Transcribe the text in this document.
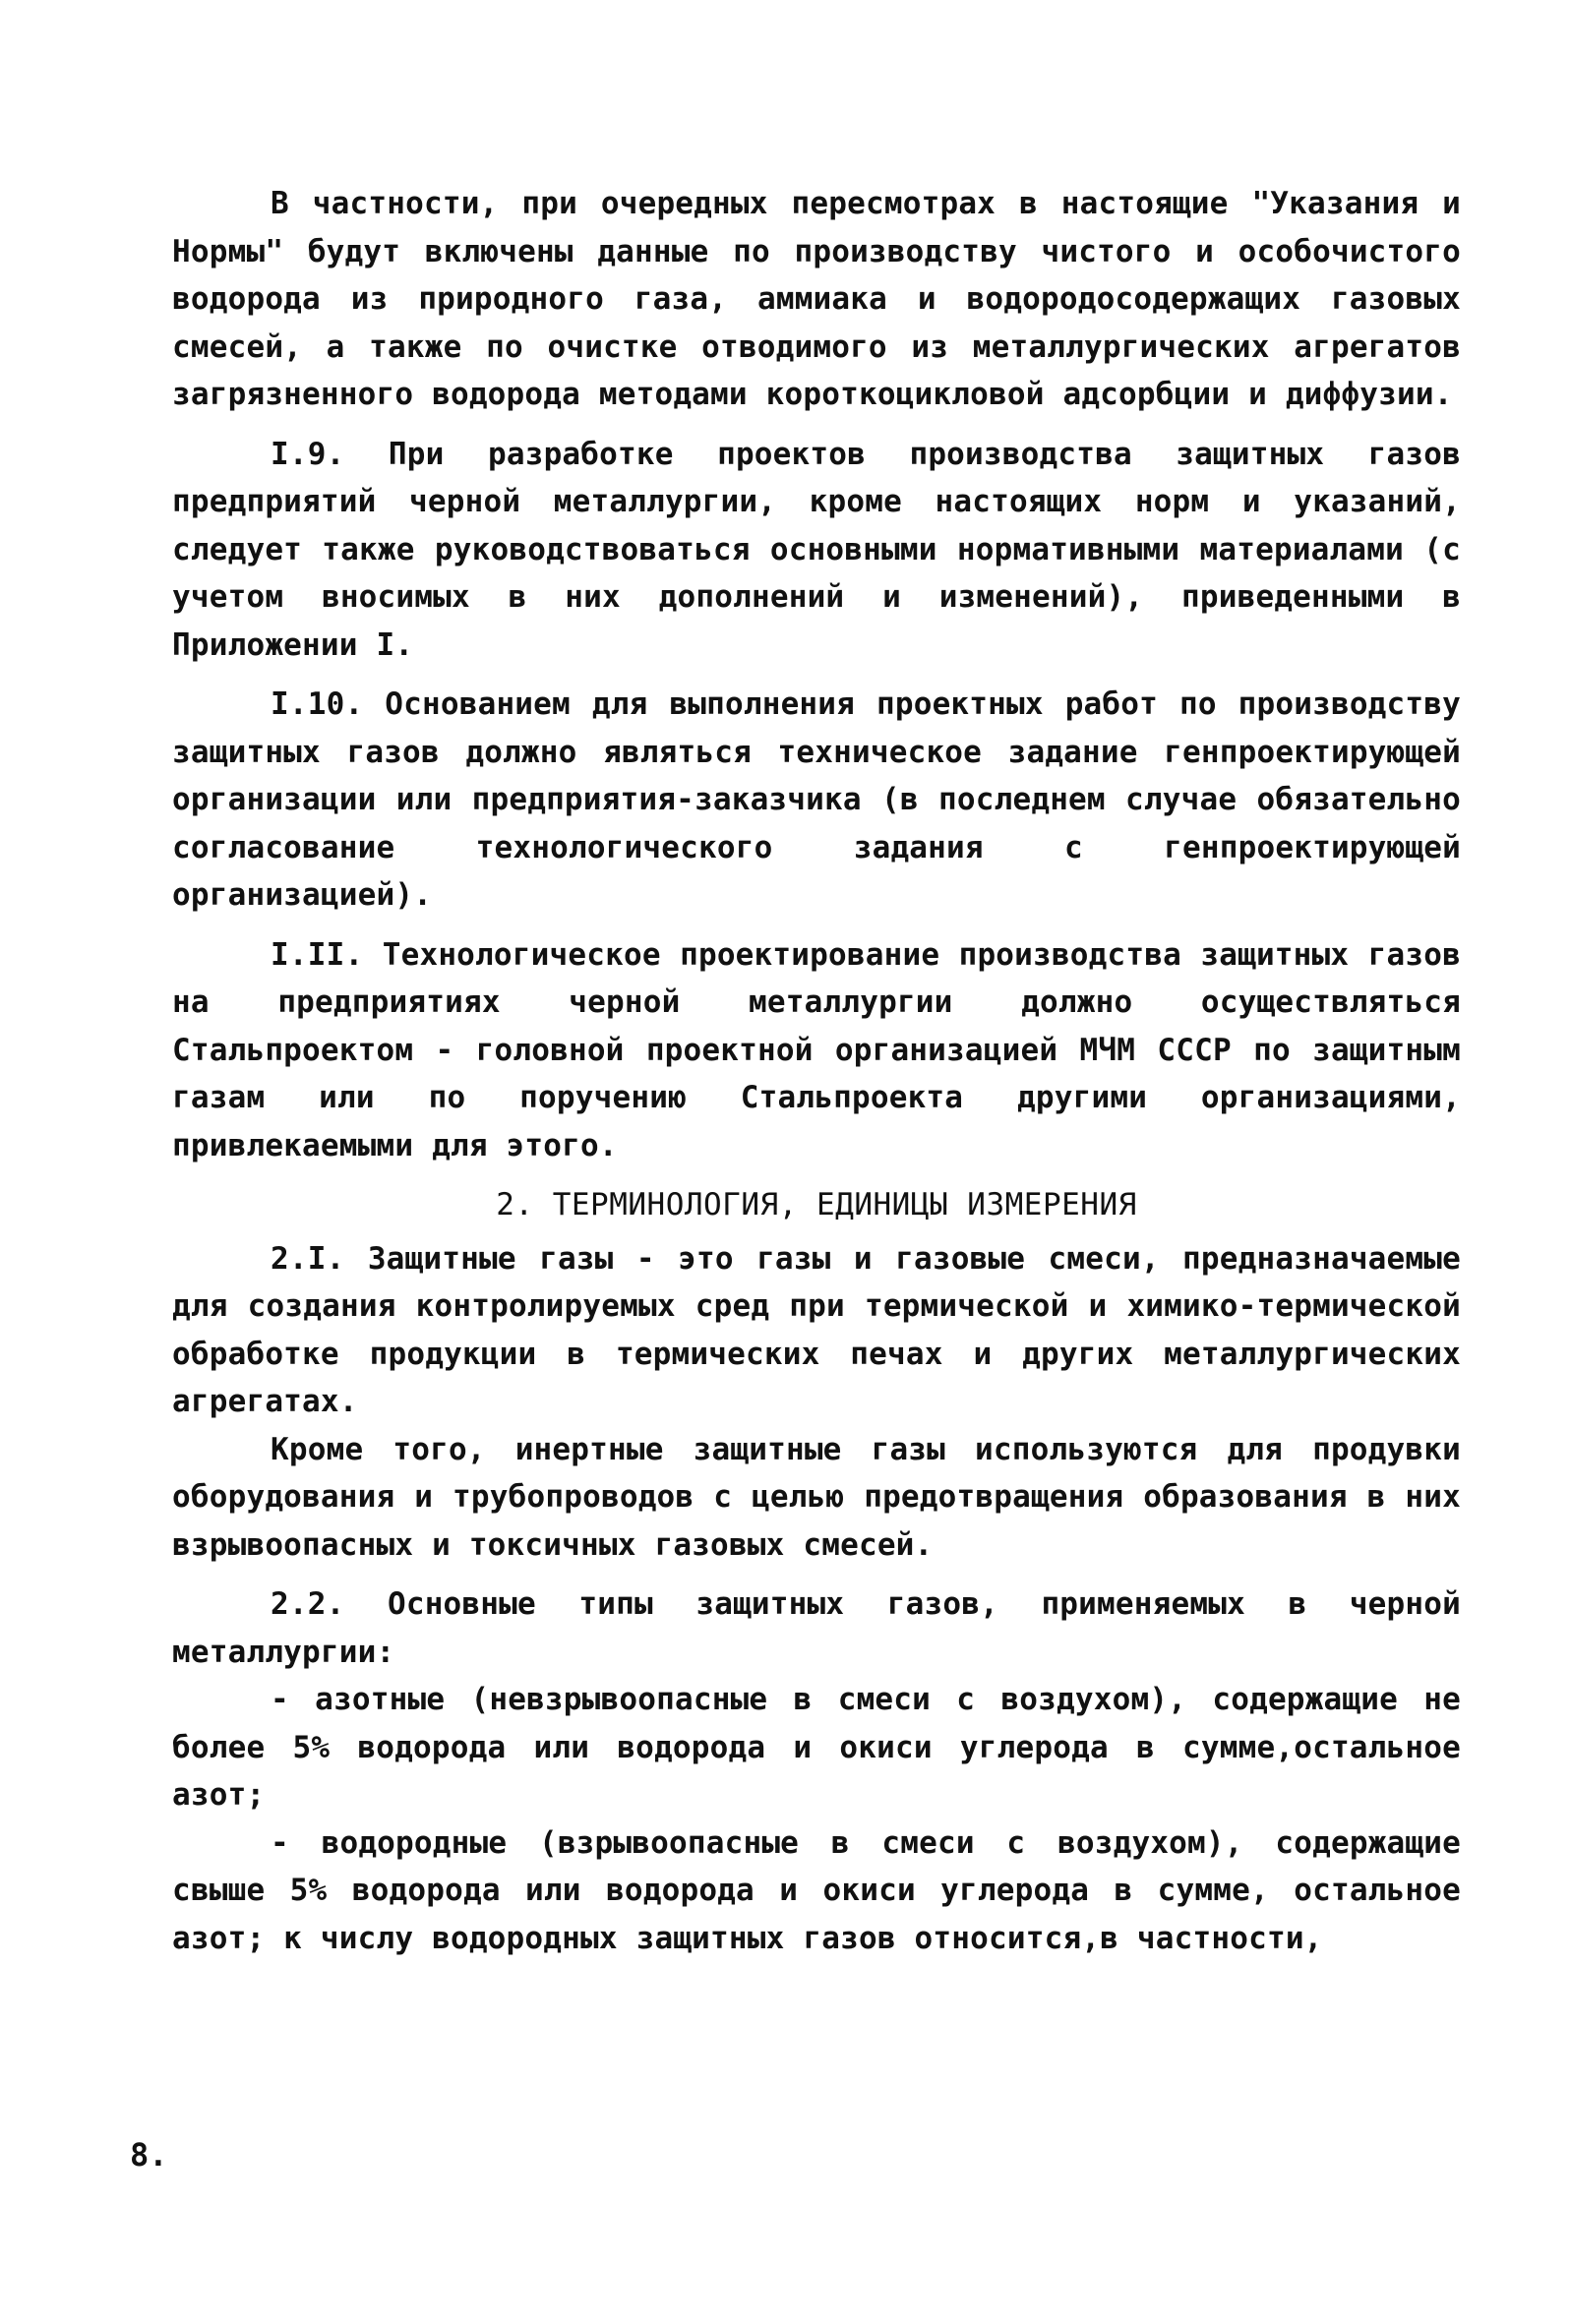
В частности, при очередных пересмотрах в настоящие "Указания и Нормы" будут включены данные по производству чистого и особочистого водорода из природного газа, аммиака и водородосодержащих газовых смесей, а также по очистке отводимого из металлургических агрегатов загрязненного водорода методами короткоцикловой адсорбции и диффузии.

I.9. При разработке проектов производства защитных газов предприятий черной металлургии, кроме настоящих норм и указаний, следует также руководствоваться основными нормативными материалами (с учетом вносимых в них дополнений и изменений), приведенными в Приложении I.

I.10. Основанием для выполнения проектных работ по производству защитных газов должно являться техническое задание генпроектирующей организации или предприятия-заказчика (в последнем случае обязательно согласование технологического задания с генпроектирующей организацией).

I.II. Технологическое проектирование производства защитных газов на предприятиях черной металлургии должно осуществляться Стальпроектом - головной проектной организацией МЧМ СССР по защитным газам или по поручению Стальпроекта другими организациями, привлекаемыми для этого.

2. ТЕРМИНОЛОГИЯ, ЕДИНИЦЫ ИЗМЕРЕНИЯ

2.I. Защитные газы - это газы и газовые смеси, предназначаемые для создания контролируемых сред при термической и химико-термической обработке продукции в термических печах и других металлургических агрегатах.

Кроме того, инертные защитные газы используются для продувки оборудования и трубопроводов с целью предотвращения образования в них взрывоопасных и токсичных газовых смесей.

2.2. Основные типы защитных газов, применяемых в черной металлургии:

- азотные (невзрывоопасные в смеси с воздухом), содержащие не более 5% водорода или водорода и окиси углерода в сумме,остальное азот;

- водородные (взрывоопасные в смеси с воздухом), содержащие свыше 5% водорода или водорода и окиси углерода в сумме, остальное азот; к числу водородных защитных газов относится,в частности,

8.
